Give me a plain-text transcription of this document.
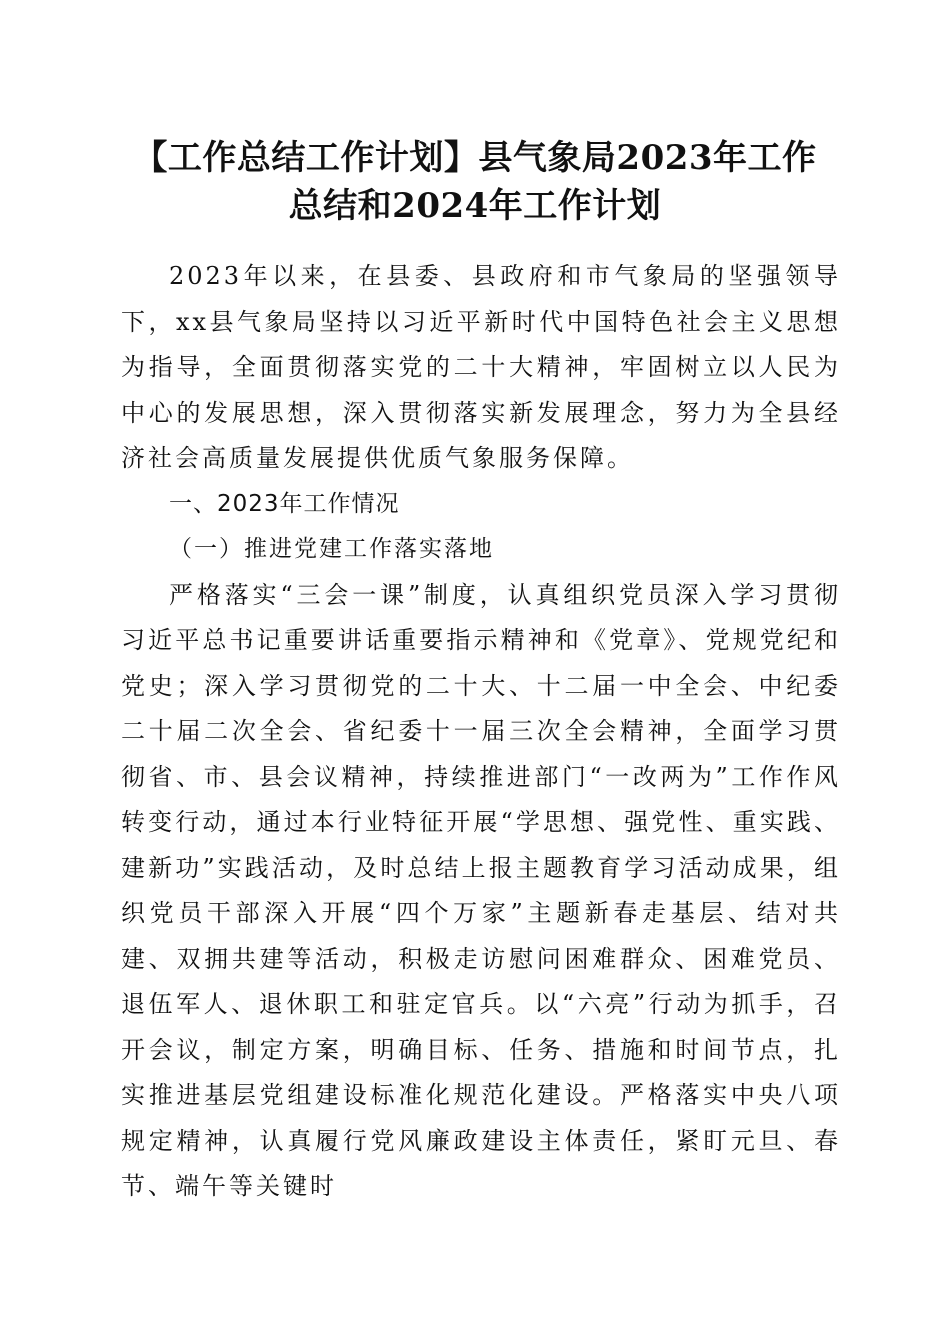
【工作总结工作计划】县气象局2023年工作
总结和2024年工作计划

2023年以来，在县委、县政府和市气象局的坚强领导下，xx县气象局坚持以习近平新时代中国特色社会主义思想为指导，全面贯彻落实党的二十大精神，牢固树立以人民为中心的发展思想，深入贯彻落实新发展理念，努力为全县经济社会高质量发展提供优质气象服务保障。

一、2023年工作情况

（一）推进党建工作落实落地

严格落实“三会一课”制度，认真组织党员深入学习贯彻习近平总书记重要讲话重要指示精神和《党章》、党规党纪和党史；深入学习贯彻党的二十大、十二届一中全会、中纪委二十届二次全会、省纪委十一届三次全会精神，全面学习贯彻省、市、县会议精神，持续推进部门“一改两为”工作作风转变行动，通过本行业特征开展“学思想、强党性、重实践、建新功”实践活动，及时总结上报主题教育学习活动成果，组织党员干部深入开展“四个万家”主题新春走基层、结对共建、双拥共建等活动，积极走访慰问困难群众、困难党员、退伍军人、退休职工和驻定官兵。以“六亮”行动为抓手，召开会议，制定方案，明确目标、任务、措施和时间节点，扎实推进基层党组建设标准化规范化建设。严格落实中央八项规定精神，认真履行党风廉政建设主体责任，紧盯元旦、春节、端午等关键时
